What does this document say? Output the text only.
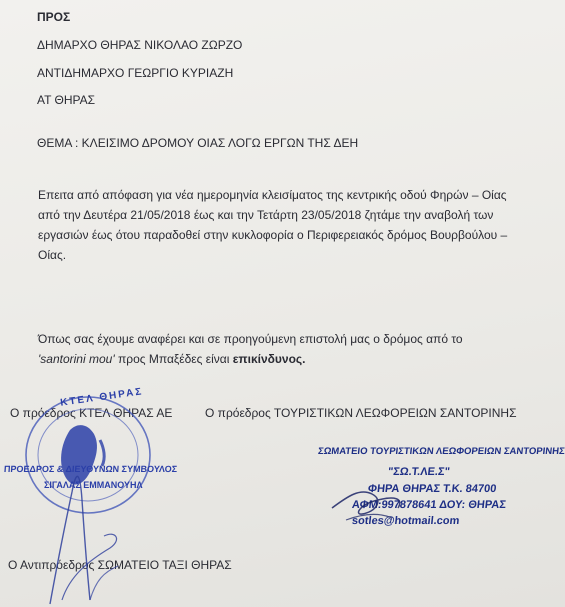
ΠΡΟΣ
ΔΗΜΑΡΧΟ ΘΗΡΑΣ ΝΙΚΟΛΑΟ ΖΩΡΖΟ
ΑΝΤΙΔΗΜΑΡΧΟ ΓΕΩΡΓΙΟ ΚΥΡΙΑΖΗ
ΑΤ ΘΗΡΑΣ
ΘΕΜΑ : ΚΛΕΙΣΙΜΟ ΔΡΟΜΟΥ ΟΙΑΣ ΛΟΓΩ ΕΡΓΩΝ ΤΗΣ ΔΕΗ
Επειτα από απόφαση για νέα ημερομηνία κλεισίματος της κεντρικής οδού Φηρών – Οίας από την Δευτέρα 21/05/2018 έως και την Τετάρτη 23/05/2018 ζητάμε την αναβολή των εργασιών έως ότου παραδοθεί στην κυκλοφορία ο Περιφερειακός δρόμος Βουρβούλου – Οίας.
Όπως σας έχουμε αναφέρει και σε προηγούμενη επιστολή μας ο δρόμος από το
'santorini mou' προς Μπαξέδες είναι επικίνδυνος.
Ο πρόεδρος ΚΤΕΛ ΘΗΡΑΣ ΑΕ	Ο πρόεδρος ΤΟΥΡΙΣΤΙΚΩΝ ΛΕΩΦΟΡΕΙΩΝ ΣΑΝΤΟΡΙΝΗΣ
Ο Αντιπρόεδρος ΣΩΜΑΤΕΙΟ ΤΑΞΙ ΘΗΡΑΣ
ΚΤΕΛ ΘΗΡΑΣ
ΠΡΟΕΔΡΟΣ & ΔΙΕΥΘΥΝΩΝ ΣΥΜΒΟΥΛΟΣ
ΣΙΓΑΛΑΣ ΕΜΜΑΝΟΥΗΛ
ΣΩΜΑΤΕΙΟ ΤΟΥΡΙΣΤΙΚΩΝ ΛΕΩΦΟΡΕΙΩΝ ΣΑΝΤΟΡΙΝΗΣ
"ΣΩ.Τ.ΛΕ.Σ"
ΦΗΡΑ ΘΗΡΑΣ Τ.Κ. 84700
ΑΦΜ:997878641 ΔΟΥ: ΘΗΡΑΣ
sotles@hotmail.com
